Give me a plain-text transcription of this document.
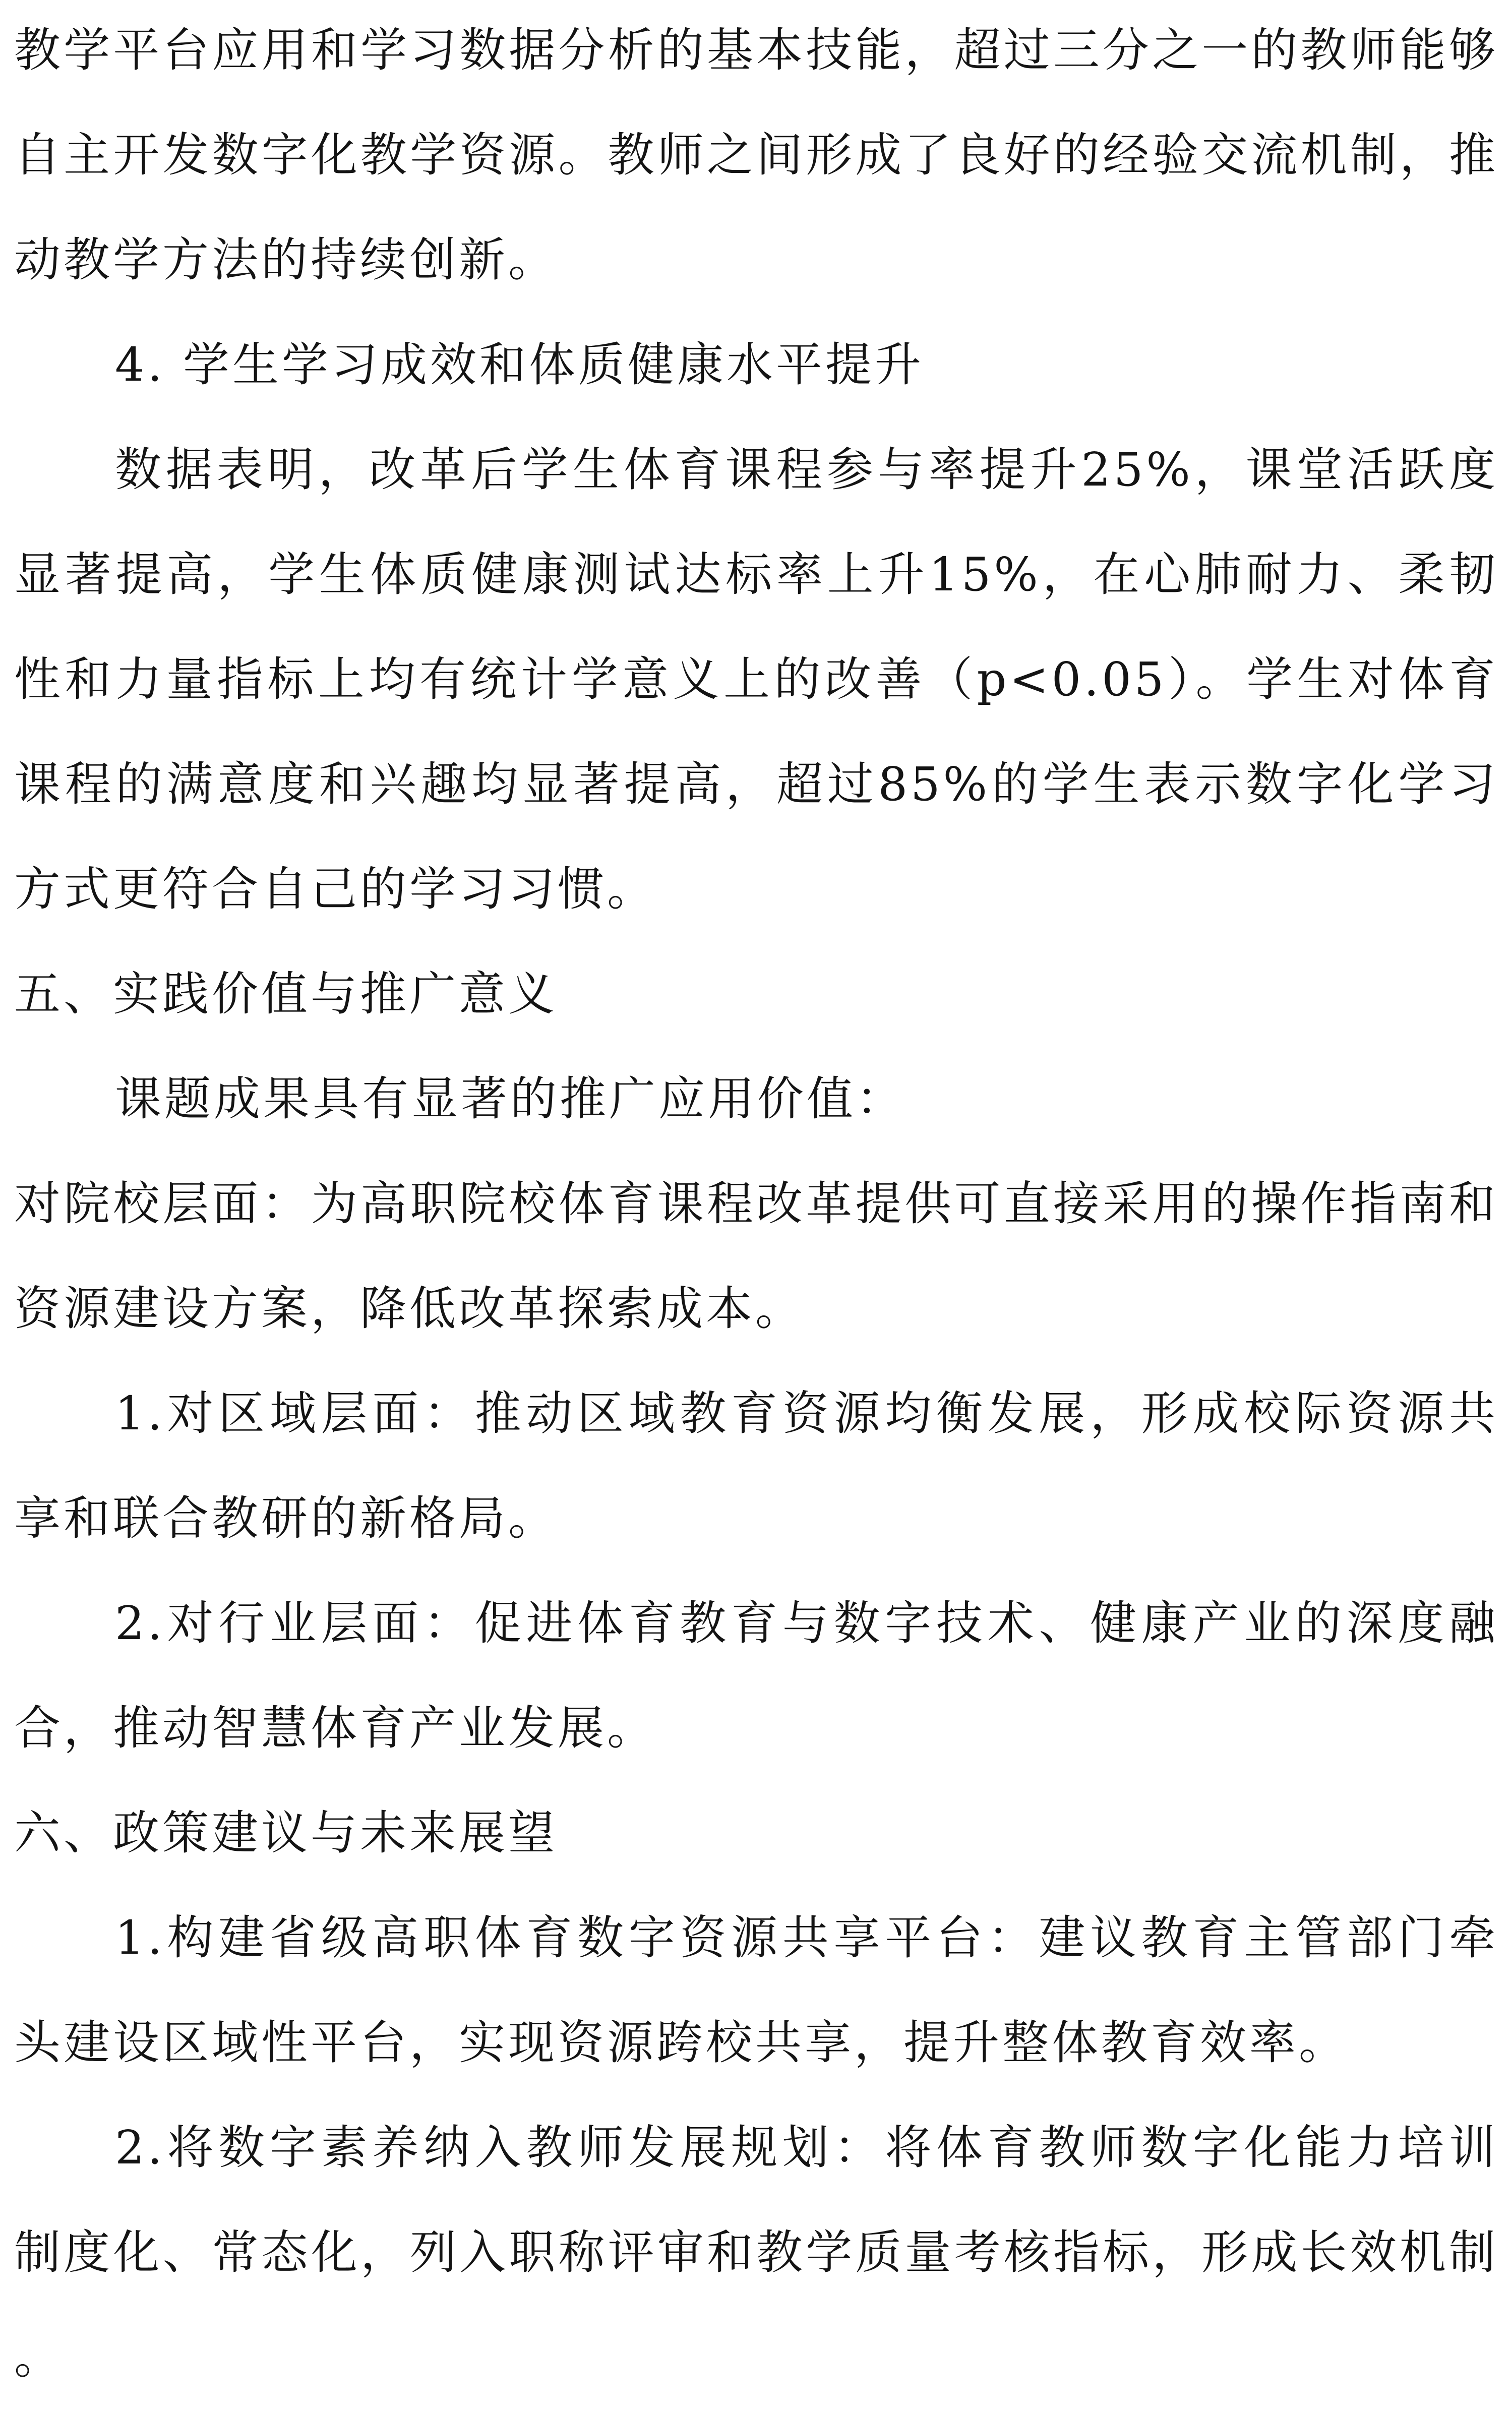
教学平台应用和学习数据分析的基本技能，超过三分之一的教师能够自主开发数字化教学资源。教师之间形成了良好的经验交流机制，推动教学方法的持续创新。

4. 学生学习成效和体质健康水平提升

数据表明，改革后学生体育课程参与率提升25%，课堂活跃度显著提高，学生体质健康测试达标率上升15%，在心肺耐力、柔韧性和力量指标上均有统计学意义上的改善（p<0.05）。学生对体育课程的满意度和兴趣均显著提高，超过85%的学生表示数字化学习方式更符合自己的学习习惯。

五、实践价值与推广意义

课题成果具有显著的推广应用价值：

对院校层面：为高职院校体育课程改革提供可直接采用的操作指南和资源建设方案，降低改革探索成本。

1.对区域层面：推动区域教育资源均衡发展，形成校际资源共享和联合教研的新格局。

2.对行业层面：促进体育教育与数字技术、健康产业的深度融合，推动智慧体育产业发展。

六、政策建议与未来展望

1.构建省级高职体育数字资源共享平台：建议教育主管部门牵头建设区域性平台，实现资源跨校共享，提升整体教育效率。

2.将数字素养纳入教师发展规划：将体育教师数字化能力培训制度化、常态化，列入职称评审和教学质量考核指标，形成长效机制。
